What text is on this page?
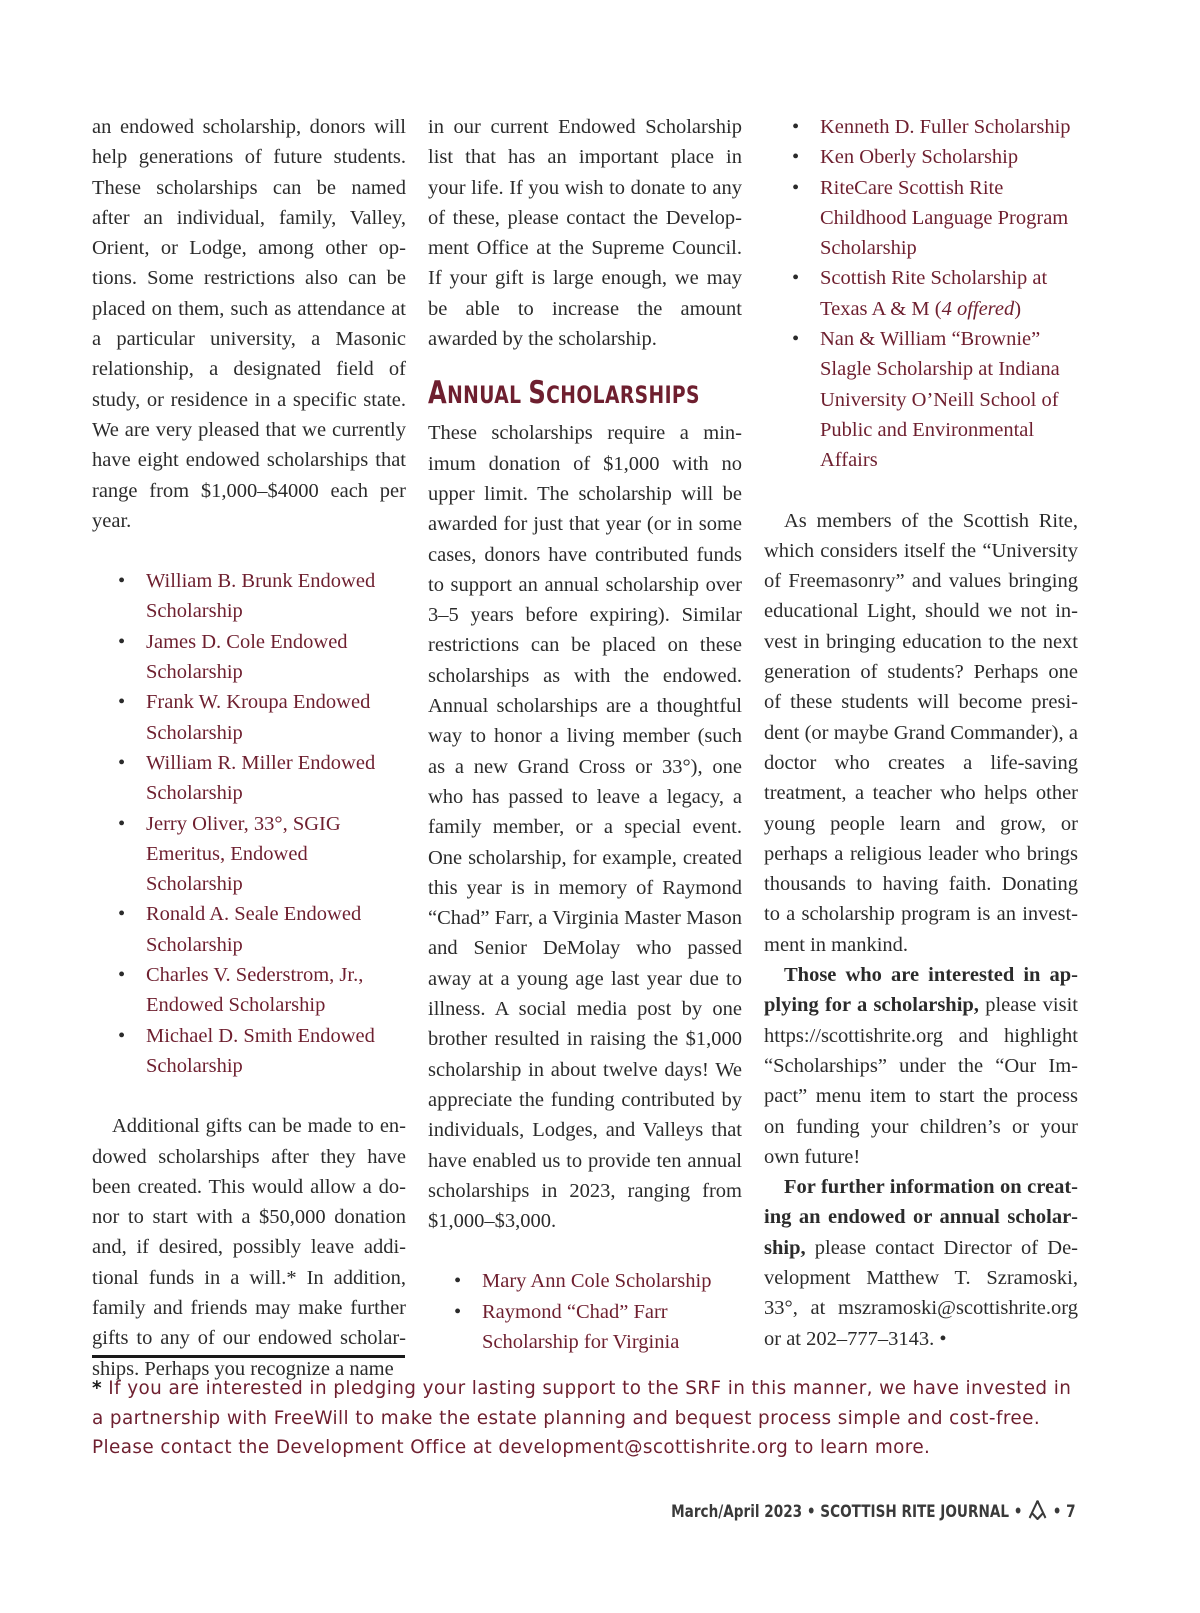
an endowed scholarship, donors will help generations of future students. These scholarships can be named after an individual, family, Valley, Orient, or Lodge, among other options. Some restrictions also can be placed on them, such as attendance at a particular university, a Masonic relationship, a designated field of study, or residence in a specific state. We are very pleased that we currently have eight endowed scholarships that range from $1,000–$4000 each per year.

• William B. Brunk Endowed Scholarship
• James D. Cole Endowed Scholarship
• Frank W. Kroupa Endowed Scholarship
• William R. Miller Endowed Scholarship
• Jerry Oliver, 33°, SGIG Emeritus, Endowed Scholarship
• Ronald A. Seale Endowed Scholarship
• Charles V. Sederstrom, Jr., Endowed Scholarship
• Michael D. Smith Endowed Scholarship

Additional gifts can be made to endowed scholarships after they have been created. This would allow a donor to start with a $50,000 donation and, if desired, possibly leave additional funds in a will.* In addition, family and friends may make further gifts to any of our endowed scholarships. Perhaps you recognize a name

in our current Endowed Scholarship list that has an important place in your life. If you wish to donate to any of these, please contact the Development Office at the Supreme Council. If your gift is large enough, we may be able to increase the amount awarded by the scholarship.

ANNUAL SCHOLARSHIPS

These scholarships require a minimum donation of $1,000 with no upper limit. The scholarship will be awarded for just that year (or in some cases, donors have contributed funds to support an annual scholarship over 3–5 years before expiring). Similar restrictions can be placed on these scholarships as with the endowed. Annual scholarships are a thoughtful way to honor a living member (such as a new Grand Cross or 33°), one who has passed to leave a legacy, a family member, or a special event. One scholarship, for example, created this year is in memory of Raymond “Chad” Farr, a Virginia Master Mason and Senior DeMolay who passed away at a young age last year due to illness. A social media post by one brother resulted in raising the $1,000 scholarship in about twelve days! We appreciate the funding contributed by individuals, Lodges, and Valleys that have enabled us to provide ten annual scholarships in 2023, ranging from $1,000–$3,000.

• Mary Ann Cole Scholarship
• Raymond “Chad” Farr Scholarship for Virginia
• Kenneth D. Fuller Scholarship
• Ken Oberly Scholarship
• RiteCare Scottish Rite Childhood Language Program Scholarship
• Scottish Rite Scholarship at Texas A & M (4 offered)
• Nan & William “Brownie” Slagle Scholarship at Indiana University O’Neill School of Public and Environmental Affairs

As members of the Scottish Rite, which considers itself the “University of Freemasonry” and values bringing educational Light, should we not invest in bringing education to the next generation of students? Perhaps one of these students will become president (or maybe Grand Commander), a doctor who creates a life-saving treatment, a teacher who helps other young people learn and grow, or perhaps a religious leader who brings thousands to having faith. Donating to a scholarship program is an investment in mankind.

Those who are interested in applying for a scholarship, please visit https://scottishrite.org and highlight “Scholarships” under the “Our Impact” menu item to start the process on funding your children’s or your own future!

For further information on creating an endowed or annual scholarship, please contact Director of Development Matthew T. Szramoski, 33°, at mszramoski@scottishrite.org or at 202–777–3143. •

* If you are interested in pledging your lasting support to the SRF in this manner, we have invested in a partnership with FreeWill to make the estate planning and bequest process simple and cost-free. Please contact the Development Office at development@scottishrite.org to learn more.
March/April 2023 • SCOTTISH RITE JOURNAL •  • 7
